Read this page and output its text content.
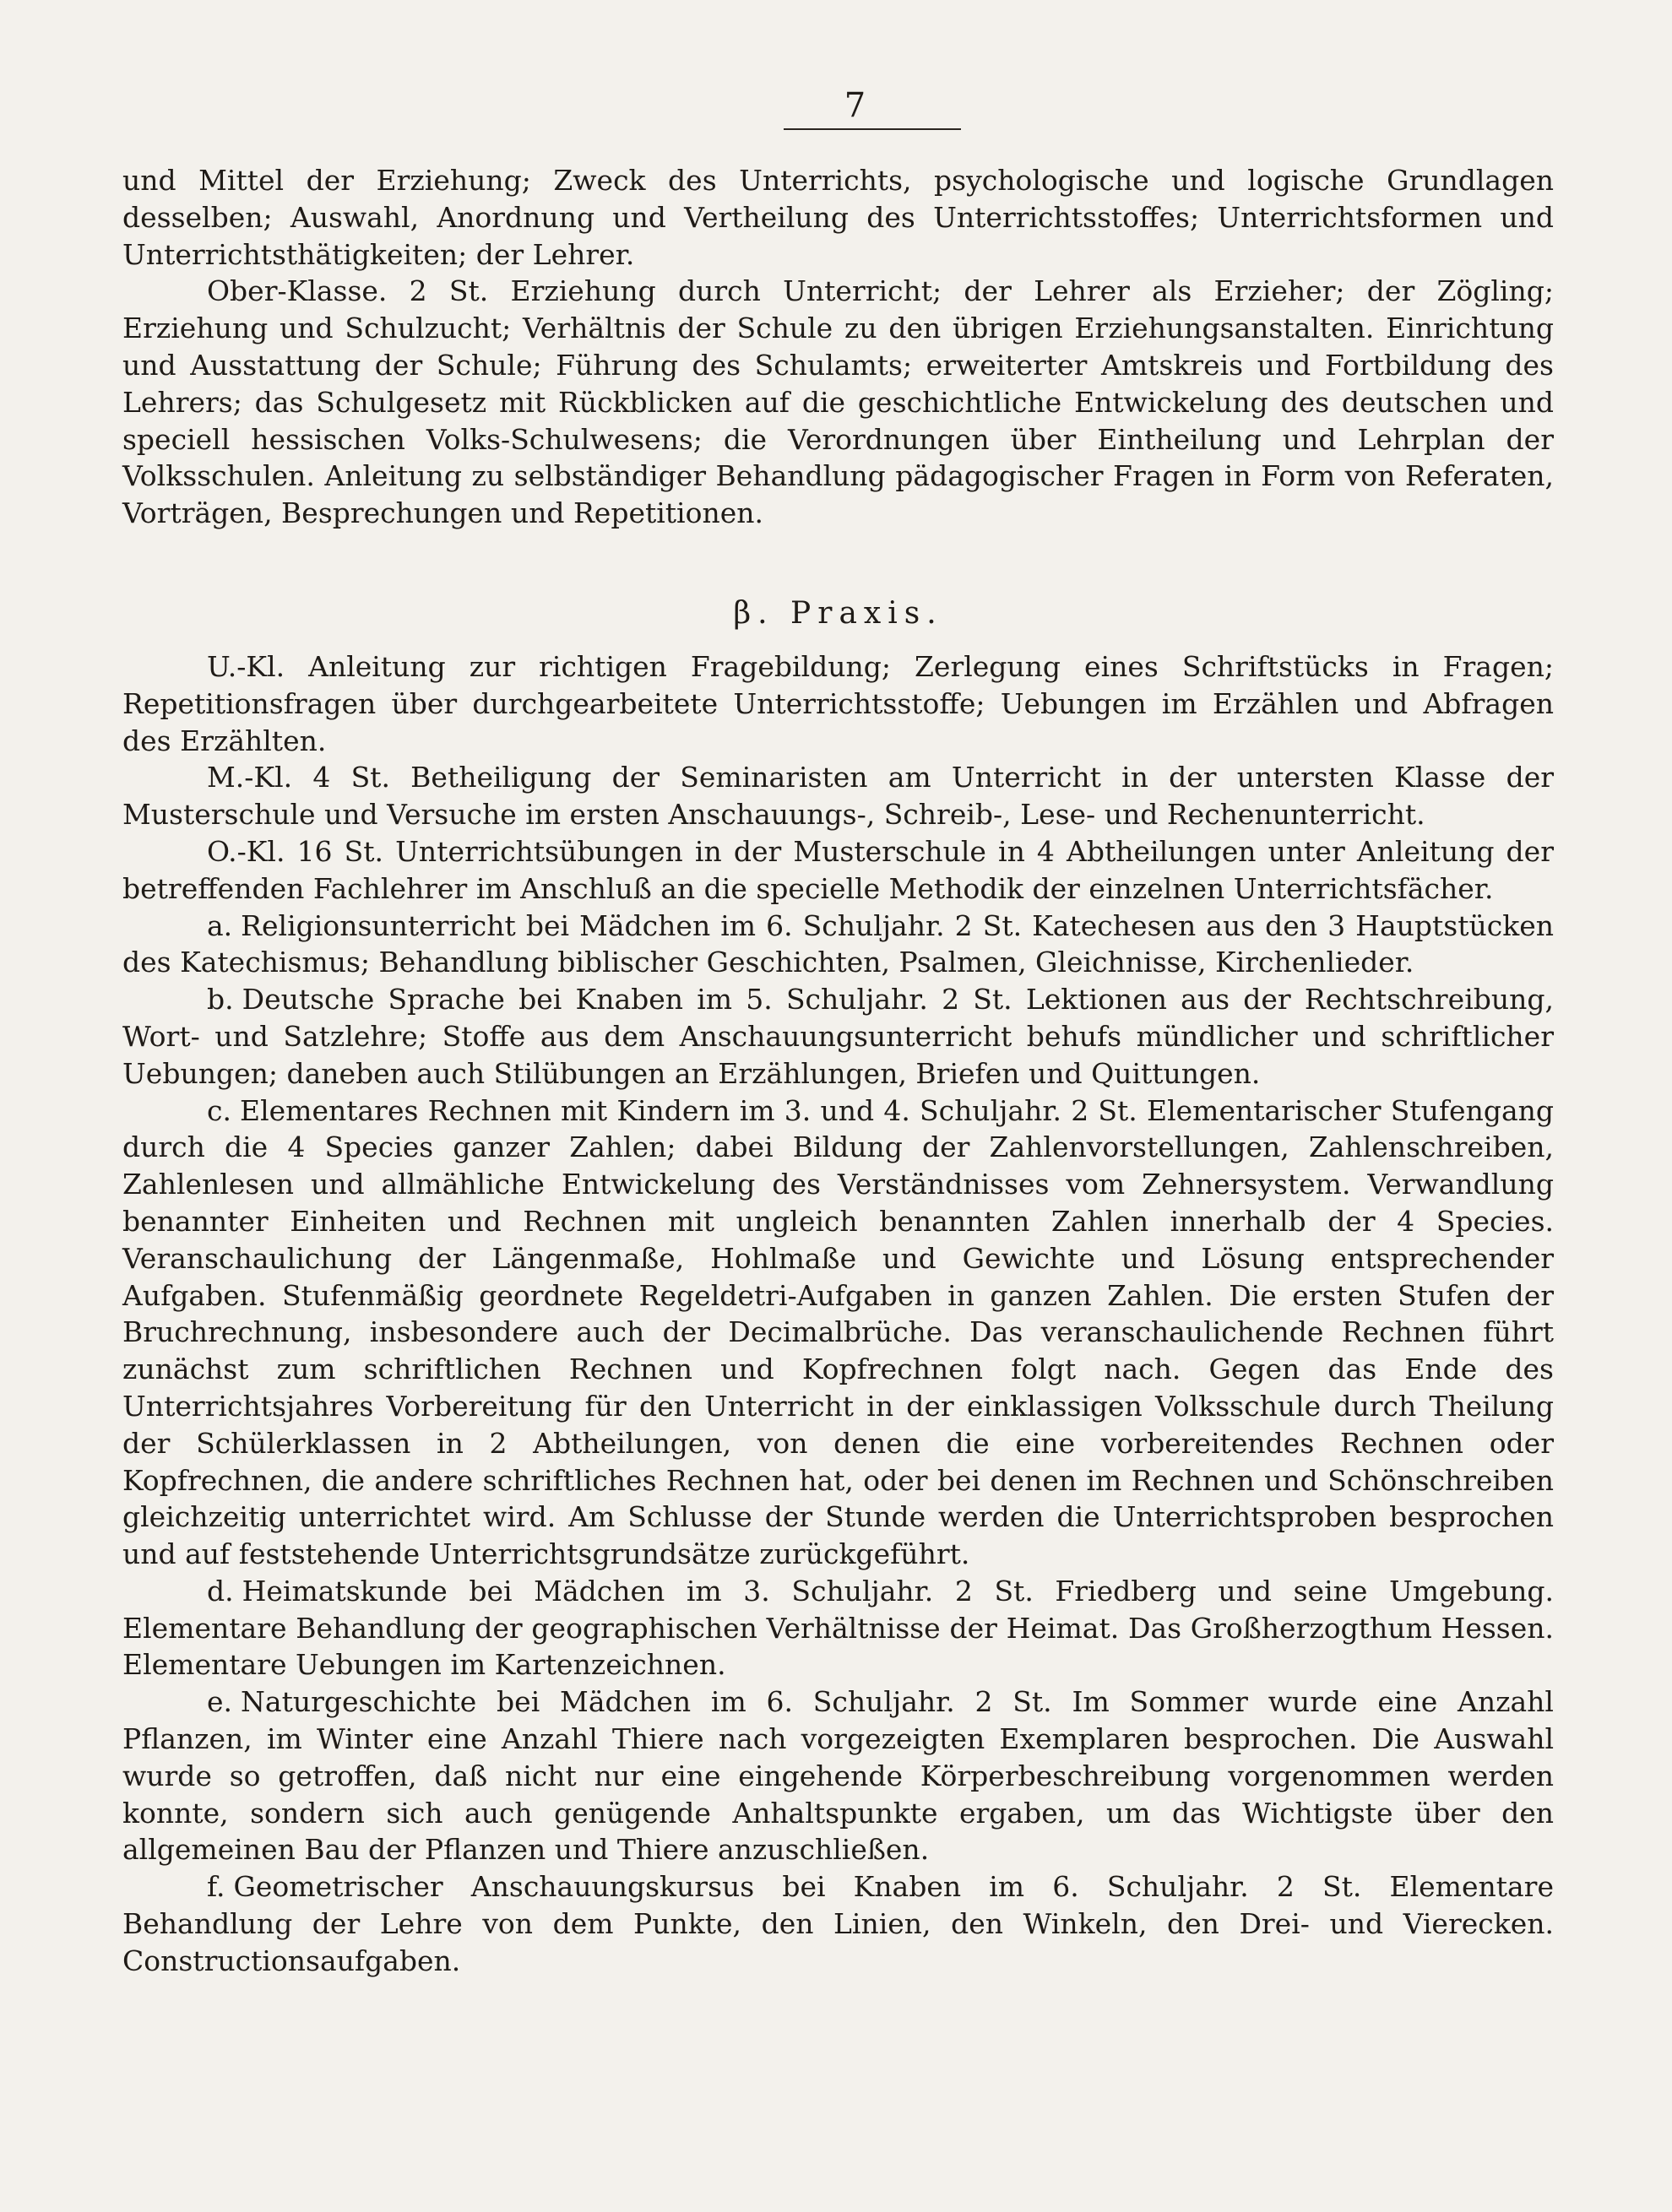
7

und Mittel der Erziehung; Zweck des Unterrichts, psychologische und logische Grundlagen desselben; Auswahl, Anordnung und Vertheilung des Unterrichtsstoffes; Unterrichtsformen und Unterrichtsthätigkeiten; der Lehrer.

Ober-Klasse. 2 St. Erziehung durch Unterricht; der Lehrer als Erzieher; der Zögling; Erziehung und Schulzucht; Verhältnis der Schule zu den übrigen Erziehungsanstalten. Einrichtung und Ausstattung der Schule; Führung des Schulamts; erweiterter Amtskreis und Fortbildung des Lehrers; das Schulgesetz mit Rückblicken auf die geschichtliche Entwickelung des deutschen und speciell hessischen Volks-Schulwesens; die Verordnungen über Eintheilung und Lehrplan der Volksschulen. Anleitung zu selbständiger Behandlung pädagogischer Fragen in Form von Referaten, Vorträgen, Besprechungen und Repetitionen.

β. Praxis.

U.-Kl. Anleitung zur richtigen Fragebildung; Zerlegung eines Schriftstücks in Fragen; Repetitionsfragen über durchgearbeitete Unterrichtsstoffe; Uebungen im Erzählen und Abfragen des Erzählten.

M.-Kl. 4 St. Betheiligung der Seminaristen am Unterricht in der untersten Klasse der Musterschule und Versuche im ersten Anschauungs-, Schreib-, Lese- und Rechenunterricht.

O.-Kl. 16 St. Unterrichtsübungen in der Musterschule in 4 Abtheilungen unter Anleitung der betreffenden Fachlehrer im Anschluß an die specielle Methodik der einzelnen Unterrichtsfächer.

a. Religionsunterricht bei Mädchen im 6. Schuljahr. 2 St. Katechesen aus den 3 Hauptstücken des Katechismus; Behandlung biblischer Geschichten, Psalmen, Gleichnisse, Kirchenlieder.

b. Deutsche Sprache bei Knaben im 5. Schuljahr. 2 St. Lektionen aus der Rechtschreibung, Wort- und Satzlehre; Stoffe aus dem Anschauungsunterricht behufs mündlicher und schriftlicher Uebungen; daneben auch Stilübungen an Erzählungen, Briefen und Quittungen.

c. Elementares Rechnen mit Kindern im 3. und 4. Schuljahr. 2 St. Elementarischer Stufengang durch die 4 Species ganzer Zahlen; dabei Bildung der Zahlenvorstellungen, Zahlenschreiben, Zahlenlesen und allmähliche Entwickelung des Verständnisses vom Zehnersystem. Verwandlung benannter Einheiten und Rechnen mit ungleich benannten Zahlen innerhalb der 4 Species. Veranschaulichung der Längenmaße, Hohlmaße und Gewichte und Lösung entsprechender Aufgaben. Stufenmäßig geordnete Regeldetri-Aufgaben in ganzen Zahlen. Die ersten Stufen der Bruchrechnung, insbesondere auch der Decimalbrüche. Das veranschaulichende Rechnen führt zunächst zum schriftlichen Rechnen und Kopfrechnen folgt nach. Gegen das Ende des Unterrichtsjahres Vorbereitung für den Unterricht in der einklassigen Volksschule durch Theilung der Schülerklassen in 2 Abtheilungen, von denen die eine vorbereitendes Rechnen oder Kopfrechnen, die andere schriftliches Rechnen hat, oder bei denen im Rechnen und Schönschreiben gleichzeitig unterrichtet wird. Am Schlusse der Stunde werden die Unterrichtsproben besprochen und auf feststehende Unterrichtsgrundsätze zurückgeführt.

d. Heimatskunde bei Mädchen im 3. Schuljahr. 2 St. Friedberg und seine Umgebung. Elementare Behandlung der geographischen Verhältnisse der Heimat. Das Großherzogthum Hessen. Elementare Uebungen im Kartenzeichnen.

e. Naturgeschichte bei Mädchen im 6. Schuljahr. 2 St. Im Sommer wurde eine Anzahl Pflanzen, im Winter eine Anzahl Thiere nach vorgezeigten Exemplaren besprochen. Die Auswahl wurde so getroffen, daß nicht nur eine eingehende Körperbeschreibung vorgenommen werden konnte, sondern sich auch genügende Anhaltspunkte ergaben, um das Wichtigste über den allgemeinen Bau der Pflanzen und Thiere anzuschließen.

f. Geometrischer Anschauungskursus bei Knaben im 6. Schuljahr. 2 St. Elementare Behandlung der Lehre von dem Punkte, den Linien, den Winkeln, den Drei- und Vierecken. Constructionsaufgaben.
